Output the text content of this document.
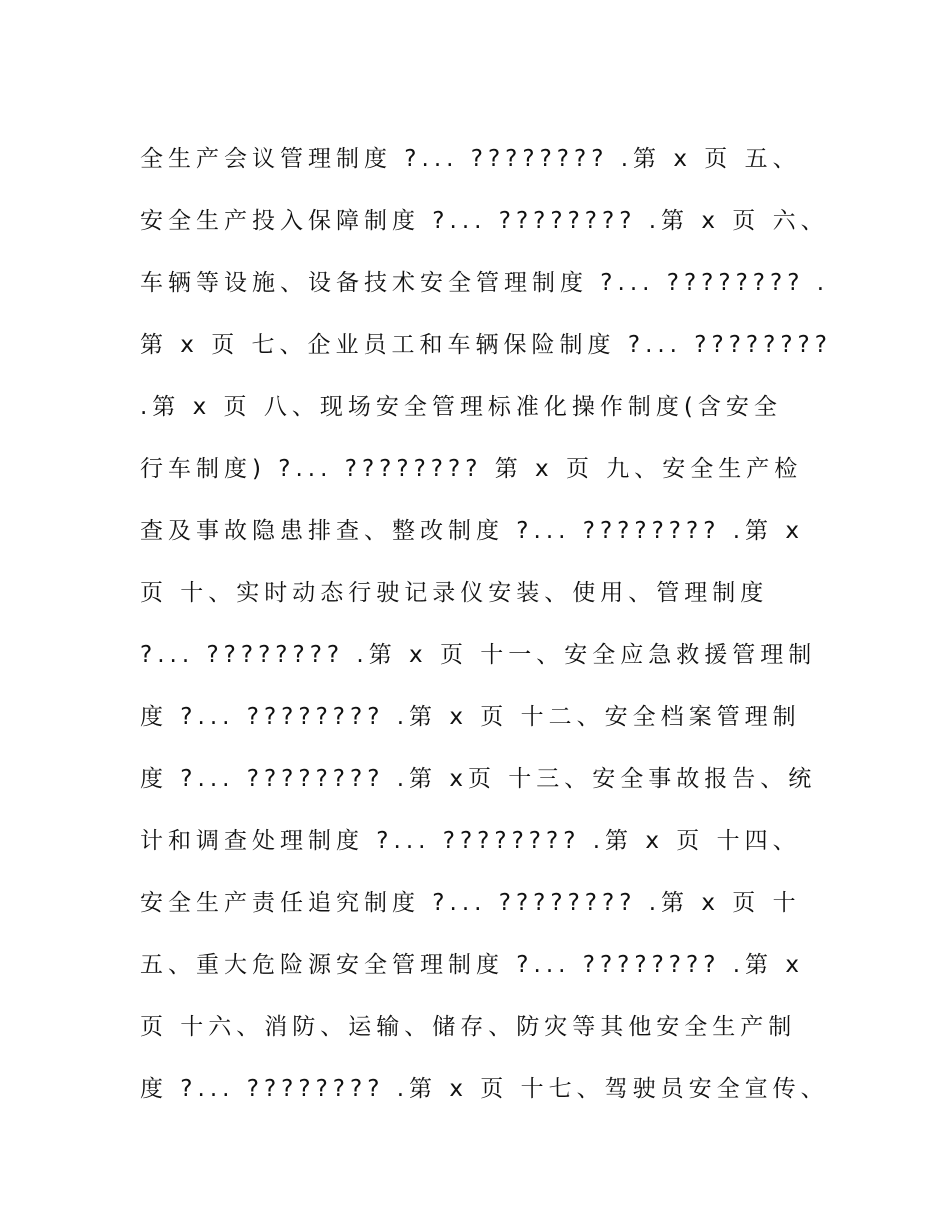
全生产会议管理制度 ?... ???????? .第 x 页 五、
安全生产投入保障制度 ?... ???????? .第 x 页 六、
车辆等设施、设备技术安全管理制度 ?... ???????? .
第 x 页 七、企业员工和车辆保险制度 ?... ????????
.第 x 页 八、现场安全管理标准化操作制度(含安全
行车制度) ?... ???????? 第 x 页 九、安全生产检
查及事故隐患排查、整改制度 ?... ???????? .第 x
页 十、实时动态行驶记录仪安装、使用、管理制度
?... ???????? .第 x 页 十一、安全应急救援管理制
度 ?... ???????? .第 x 页 十二、安全档案管理制
度 ?... ???????? .第 x页 十三、安全事故报告、统
计和调查处理制度 ?... ???????? .第 x 页 十四、
安全生产责任追究制度 ?... ???????? .第 x 页 十
五、重大危险源安全管理制度 ?... ???????? .第 x
页 十六、消防、运输、储存、防灾等其他安全生产制
度 ?... ???????? .第 x 页 十七、驾驶员安全宣传、
